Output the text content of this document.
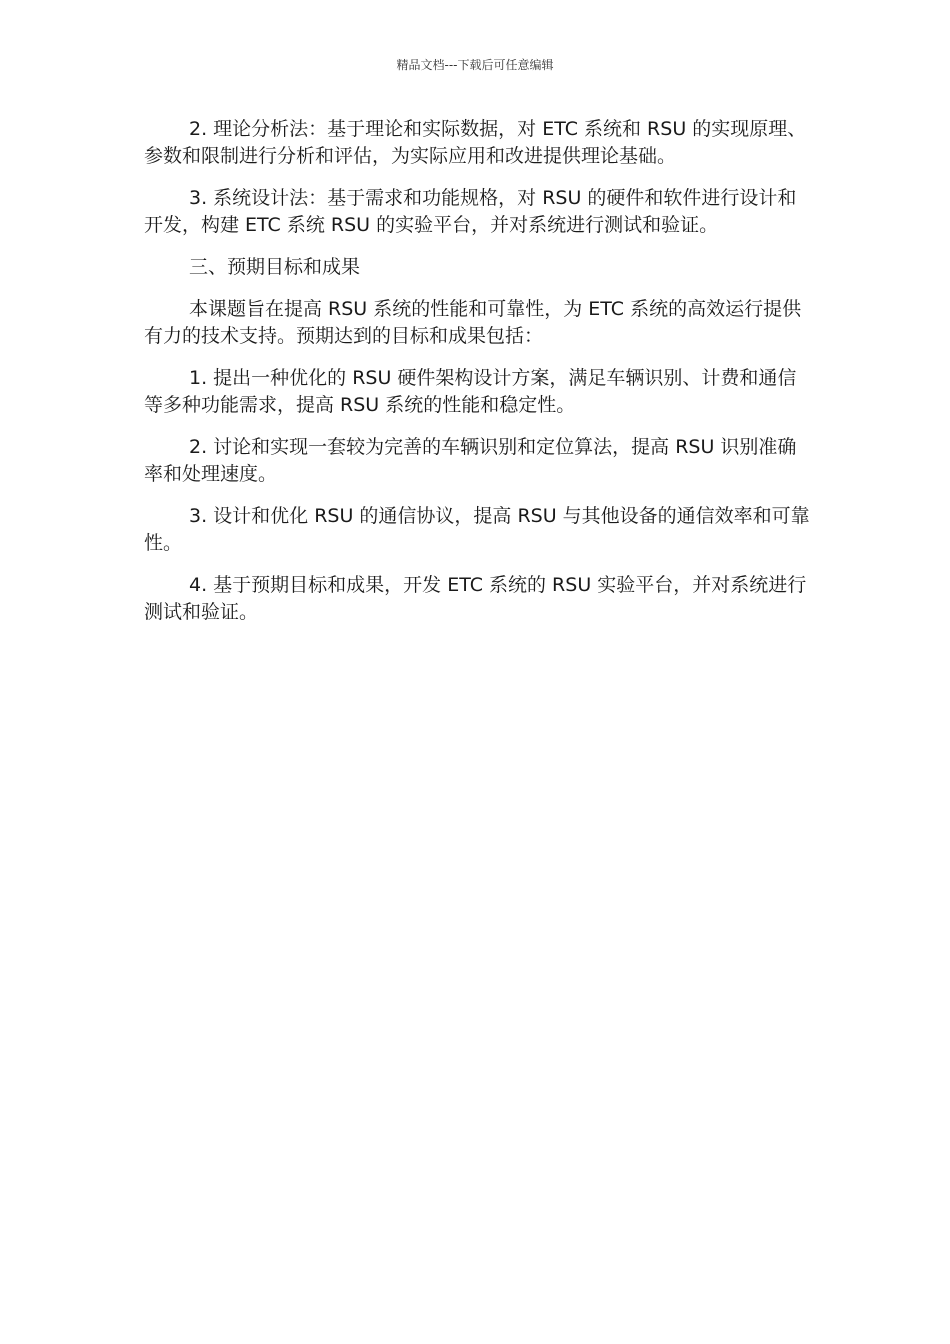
精品文档---下载后可任意编辑

2. 理论分析法：基于理论和实际数据，对 ETC 系统和 RSU 的实现原理、参数和限制进行分析和评估，为实际应用和改进提供理论基础。

3. 系统设计法：基于需求和功能规格，对 RSU 的硬件和软件进行设计和开发，构建 ETC 系统 RSU 的实验平台，并对系统进行测试和验证。

三、预期目标和成果

本课题旨在提高 RSU 系统的性能和可靠性，为 ETC 系统的高效运行提供有力的技术支持。预期达到的目标和成果包括：

1. 提出一种优化的 RSU 硬件架构设计方案，满足车辆识别、计费和通信等多种功能需求，提高 RSU 系统的性能和稳定性。

2. 讨论和实现一套较为完善的车辆识别和定位算法，提高 RSU 识别准确率和处理速度。

3. 设计和优化 RSU 的通信协议，提高 RSU 与其他设备的通信效率和可靠性。

4. 基于预期目标和成果，开发 ETC 系统的 RSU 实验平台，并对系统进行测试和验证。
